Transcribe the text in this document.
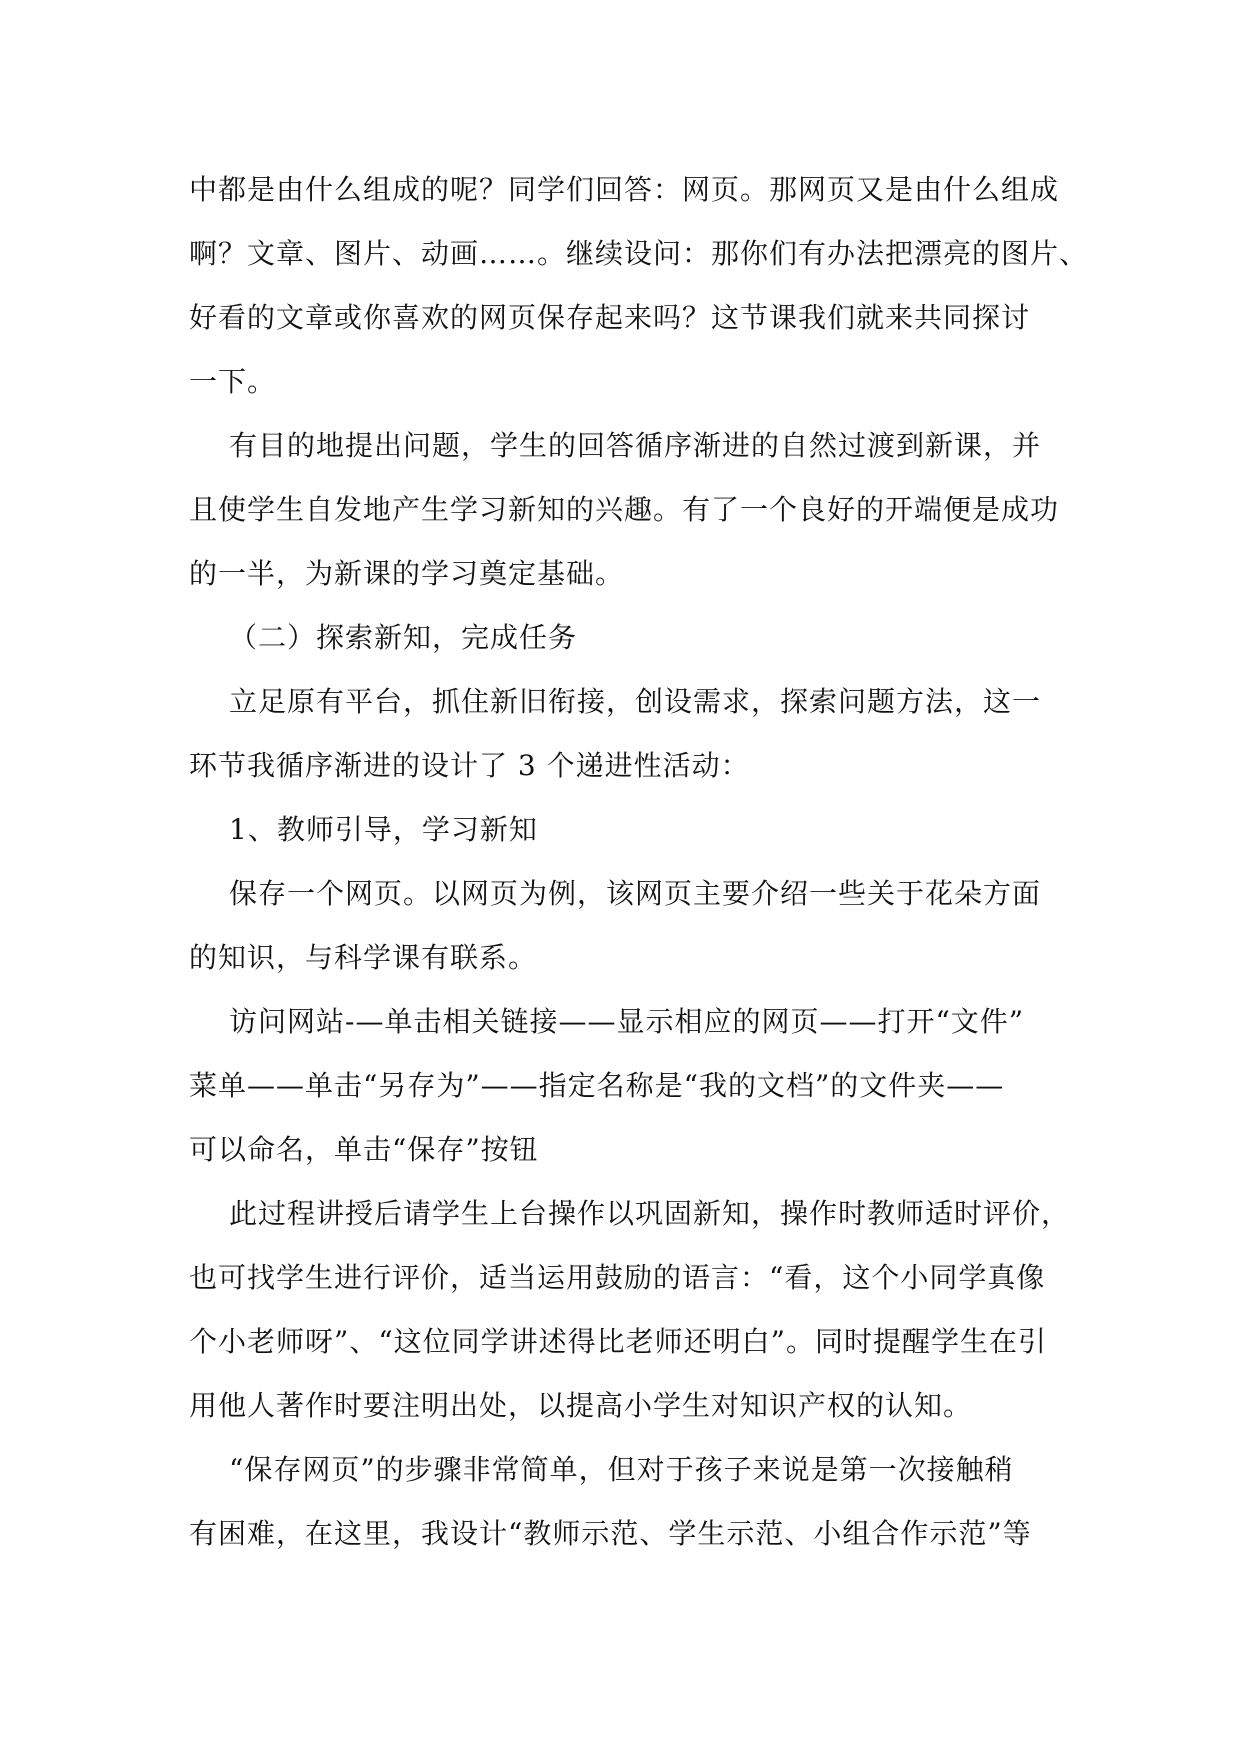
中都是由什么组成的呢？同学们回答：网页。那网页又是由什么组成
啊？文章、图片、动画……。继续设问：那你们有办法把漂亮的图片、
好看的文章或你喜欢的网页保存起来吗？这节课我们就来共同探讨
一下。
有目的地提出问题，学生的回答循序渐进的自然过渡到新课，并
且使学生自发地产生学习新知的兴趣。有了一个良好的开端便是成功
的一半，为新课的学习奠定基础。
（二）探索新知，完成任务
立足原有平台，抓住新旧衔接，创设需求，探索问题方法，这一
环节我循序渐进的设计了 3 个递进性活动：
1、教师引导，学习新知
保存一个网页。以网页为例，该网页主要介绍一些关于花朵方面
的知识，与科学课有联系。
访问网站-—单击相关链接——显示相应的网页——打开“文件”
菜单——单击“另存为”——指定名称是“我的文档”的文件夹——
可以命名，单击“保存”按钮
此过程讲授后请学生上台操作以巩固新知，操作时教师适时评价，
也可找学生进行评价，适当运用鼓励的语言：“看，这个小同学真像
个小老师呀”、“这位同学讲述得比老师还明白”。同时提醒学生在引
用他人著作时要注明出处，以提高小学生对知识产权的认知。
“保存网页”的步骤非常简单，但对于孩子来说是第一次接触稍
有困难，在这里，我设计“教师示范、学生示范、小组合作示范”等
